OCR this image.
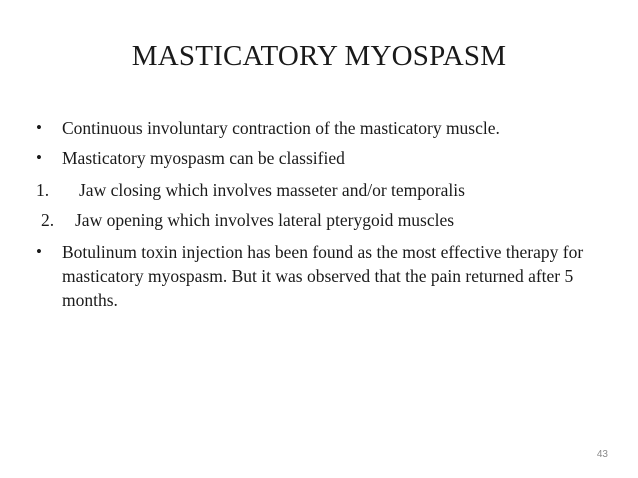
MASTICATORY MYOSPASM
• Continuous involuntary contraction of the masticatory muscle.
• Masticatory myospasm can be classified
1. Jaw closing which involves masseter and/or temporalis
2. Jaw opening which involves lateral pterygoid muscles
• Botulinum toxin injection has been found as the most effective therapy for masticatory myospasm. But it was observed that the pain returned after 5 months.
43
